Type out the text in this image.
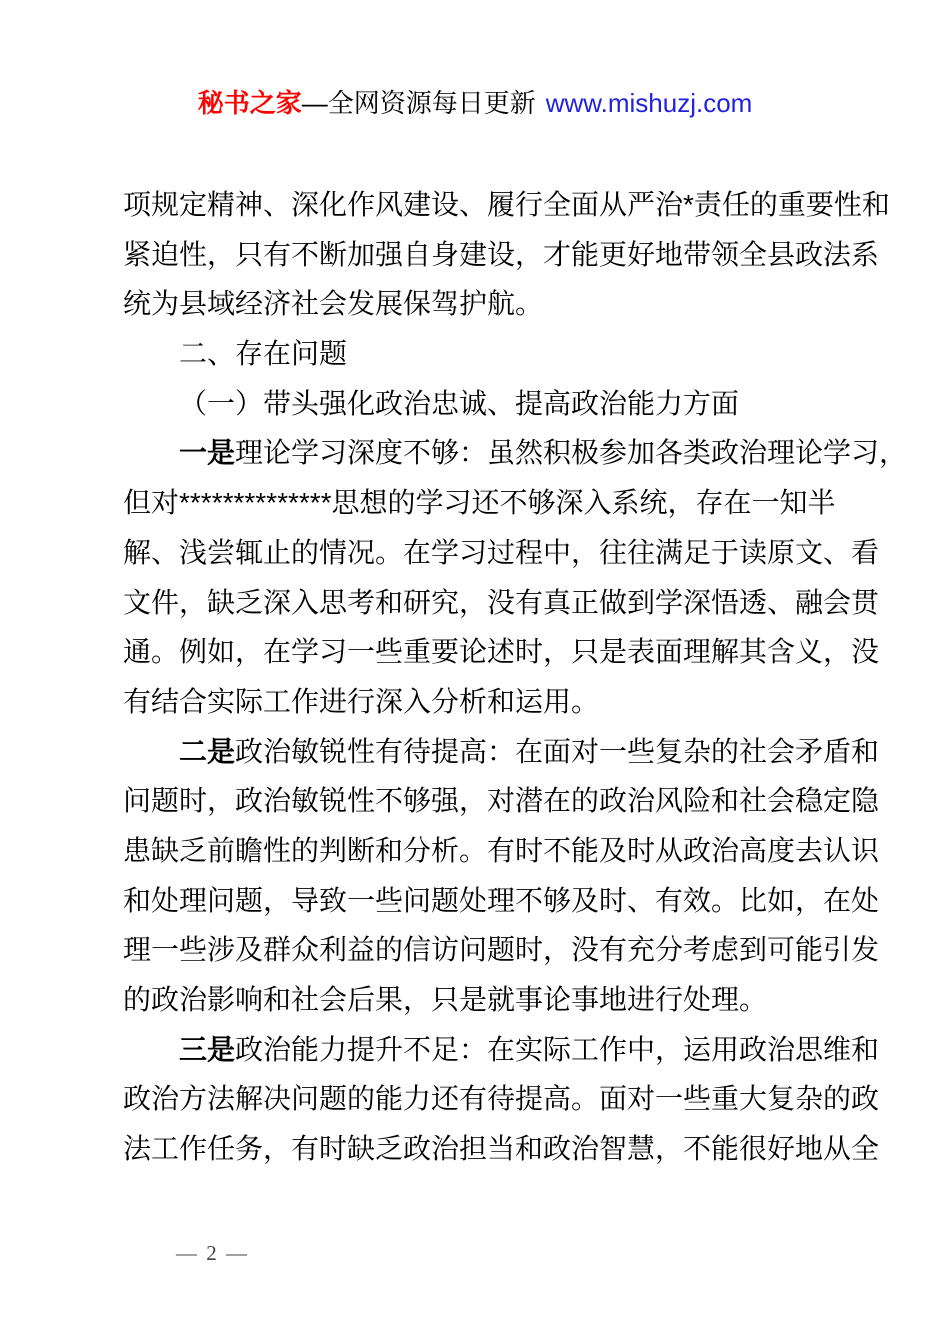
秘书之家—全网资源每日更新 www.mishuzj.com
项规定精神、深化作风建设、履行全面从严治*责任的重要性和
紧迫性，只有不断加强自身建设，才能更好地带领全县政法系
统为县域经济社会发展保驾护航。
二、存在问题
（一）带头强化政治忠诚、提高政治能力方面
一是理论学习深度不够：虽然积极参加各类政治理论学习，
但对**************思想的学习还不够深入系统，存在一知半
解、浅尝辄止的情况。在学习过程中，往往满足于读原文、看
文件，缺乏深入思考和研究，没有真正做到学深悟透、融会贯
通。例如，在学习一些重要论述时，只是表面理解其含义，没
有结合实际工作进行深入分析和运用。
二是政治敏锐性有待提高：在面对一些复杂的社会矛盾和
问题时，政治敏锐性不够强，对潜在的政治风险和社会稳定隐
患缺乏前瞻性的判断和分析。有时不能及时从政治高度去认识
和处理问题，导致一些问题处理不够及时、有效。比如，在处
理一些涉及群众利益的信访问题时，没有充分考虑到可能引发
的政治影响和社会后果，只是就事论事地进行处理。
三是政治能力提升不足：在实际工作中，运用政治思维和
政治方法解决问题的能力还有待提高。面对一些重大复杂的政
法工作任务，有时缺乏政治担当和政治智慧，不能很好地从全
— 2 —
